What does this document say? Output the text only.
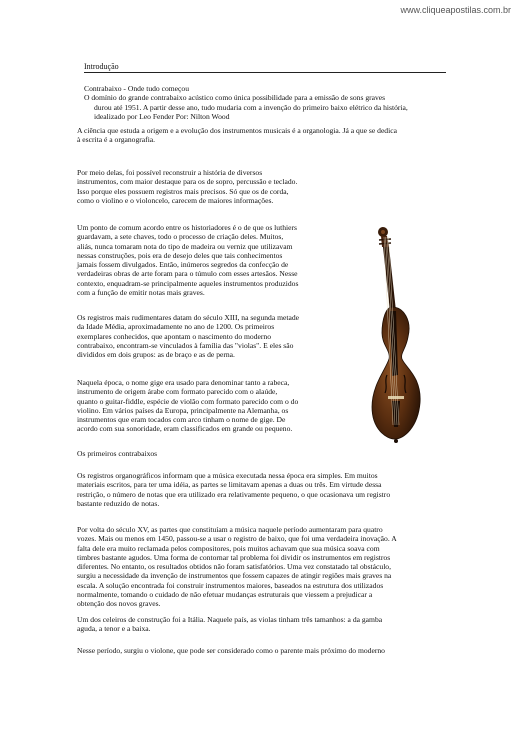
www.cliqueapostilas.com.br
Introdução
Contrabaixo - Onde tudo começou
O domínio do grande contrabaixo acústico como única possibilidade para a emissão de sons graves
durou até 1951. A partir desse ano, tudo mudaria com a invenção do primeiro baixo elétrico da história,
idealizado por Leo Fender Por: Nilton Wood
A ciência que estuda a origem e a evolução dos instrumentos musicais é a organologia. Já a que se dedica
à escrita é a organografia.
Por meio delas, foi possível reconstruir a história de diversos
instrumentos, com maior destaque para os de sopro, percussão e teclado.
Isso porque eles possuem registros mais precisos. Só que os de corda,
como o violino e o violoncelo, carecem de maiores informações.
Um ponto de comum acordo entre os historiadores é o de que os luthiers
guardavam, a sete chaves, todo o processo de criação deles. Muitos,
aliás, nunca tomaram nota do tipo de madeira ou verniz que utilizavam
nessas construções, pois era de desejo deles que tais conhecimentos
jamais fossem divulgados. Então, inúmeros segredos da confecção de
verdadeiras obras de arte foram para o túmulo com esses artesãos. Nesse
contexto, enquadram-se principalmente aqueles instrumentos produzidos
com a função de emitir notas mais graves.
Os registros mais rudimentares datam do século XIII, na segunda metade
da Idade Média, aproximadamente no ano de 1200. Os primeiros
exemplares conhecidos, que apontam o nascimento do moderno
contrabaixo, encontram-se vinculados à família das "violas". E eles são
divididos em dois grupos: as de braço e as de perna.
Naquela época, o nome gige era usado para denominar tanto a rabeca,
instrumento de origem árabe com formato parecido com o alaúde,
quanto o guitar-fiddle, espécie de violão com formato parecido com o do
violino. Em vários países da Europa, principalmente na Alemanha, os
instrumentos que eram tocados com arco tinham o nome de gige. De
acordo com sua sonoridade, eram classificados em grande ou pequeno.
Os primeiros contrabaixos
Os registros organográficos informam que a música executada nessa época era simples. Em muitos
materiais escritos, para ter uma idéia, as partes se limitavam apenas a duas ou três. Em virtude dessa
restrição, o número de notas que era utilizado era relativamente pequeno, o que ocasionava um registro
bastante reduzido de notas.
Por volta do século XV, as partes que constituíam a música naquele período aumentaram para quatro
vozes. Mais ou menos em 1450, passou-se a usar o registro de baixo, que foi uma verdadeira inovação. A
falta dele era muito reclamada pelos compositores, pois muitos achavam que sua música soava com
timbres bastante agudos. Uma forma de contornar tal problema foi dividir os instrumentos em registros
diferentes. No entanto, os resultados obtidos não foram satisfatórios. Uma vez constatado tal obstáculo,
surgiu a necessidade da invenção de instrumentos que fossem capazes de atingir regiões mais graves na
escala. A solução encontrada foi construir instrumentos maiores, baseados na estrutura dos utilizados
normalmente, tomando o cuidado de não efetuar mudanças estruturais que viessem a prejudicar a
obtenção dos novos graves.
Um dos celeiros de construção foi a Itália. Naquele país, as violas tinham três tamanhos: a da gamba
aguda, a tenor e a baixa.
Nesse período, surgiu o violone, que pode ser considerado como o parente mais próximo do moderno
